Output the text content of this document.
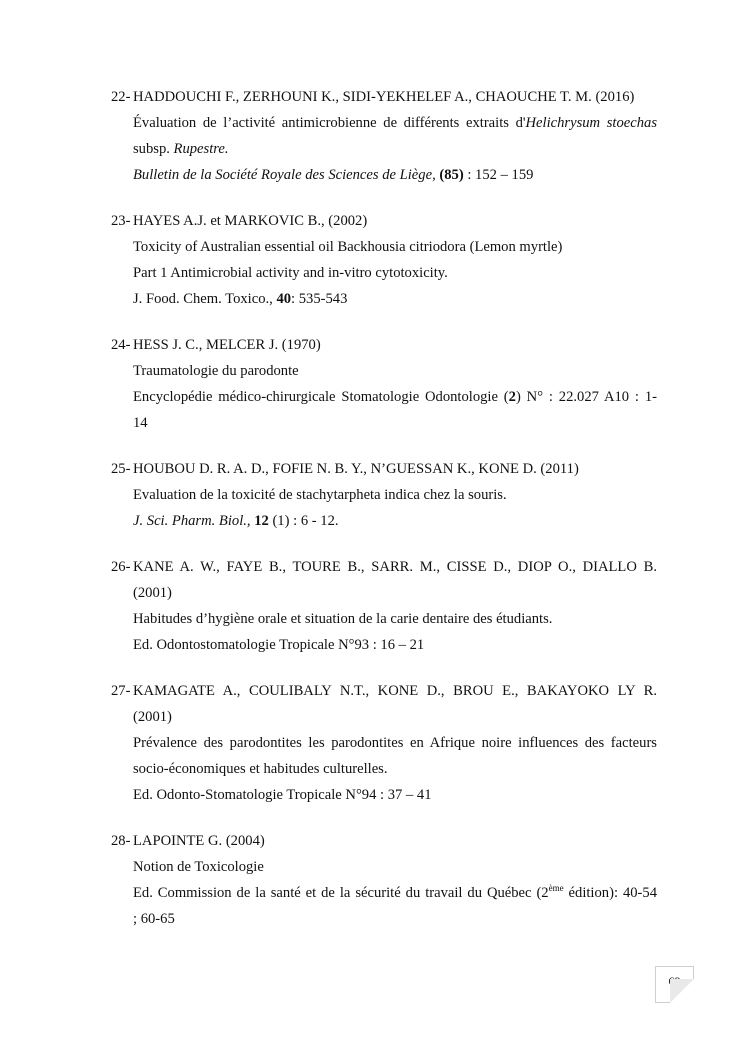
22- HADDOUCHI F., ZERHOUNI K., SIDI-YEKHELEF A., CHAOUCHE T. M. (2016)
Évaluation de l’activité antimicrobienne de différents extraits d'Helichrysum stoechas
subsp. Rupestre.
Bulletin de la Société Royale des Sciences de Liège, (85) : 152 – 159
23- HAYES A.J. et MARKOVIC B., (2002)
Toxicity of Australian essential oil Backhousia citriodora (Lemon myrtle)
Part 1 Antimicrobial activity and in-vitro cytotoxicity.
J. Food. Chem. Toxico., 40: 535-543
24- HESS J. C., MELCER J. (1970)
Traumatologie du parodonte
Encyclopédie médico-chirurgicale Stomatologie Odontologie (2) N° : 22.027 A10 : 1-
14
25- HOUBOU D. R. A. D., FOFIE N. B. Y., N’GUESSAN K., KONE D. (2011)
Evaluation de la toxicité de stachytarpheta indica chez la souris.
J. Sci. Pharm. Biol., 12 (1) : 6 - 12.
26- KANE A. W., FAYE B., TOURE B., SARR. M., CISSE D., DIOP O., DIALLO B.
(2001)
Habitudes d’hygiène orale et situation de la carie dentaire des étudiants.
Ed. Odontostomatologie Tropicale N°93 : 16 – 21
27- KAMAGATE A., COULIBALY N.T., KONE D., BROU E., BAKAYOKO LY R.
(2001)
Prévalence des parodontites les parodontites en Afrique noire influences des facteurs
socio-économiques et habitudes culturelles.
Ed. Odonto-Stomatologie Tropicale N°94 : 37 – 41
28- LAPOINTE G. (2004)
Notion de Toxicologie
Ed. Commission de la santé et de la sécurité du travail du Québec (2ème édition): 40-54
; 60-65
69
